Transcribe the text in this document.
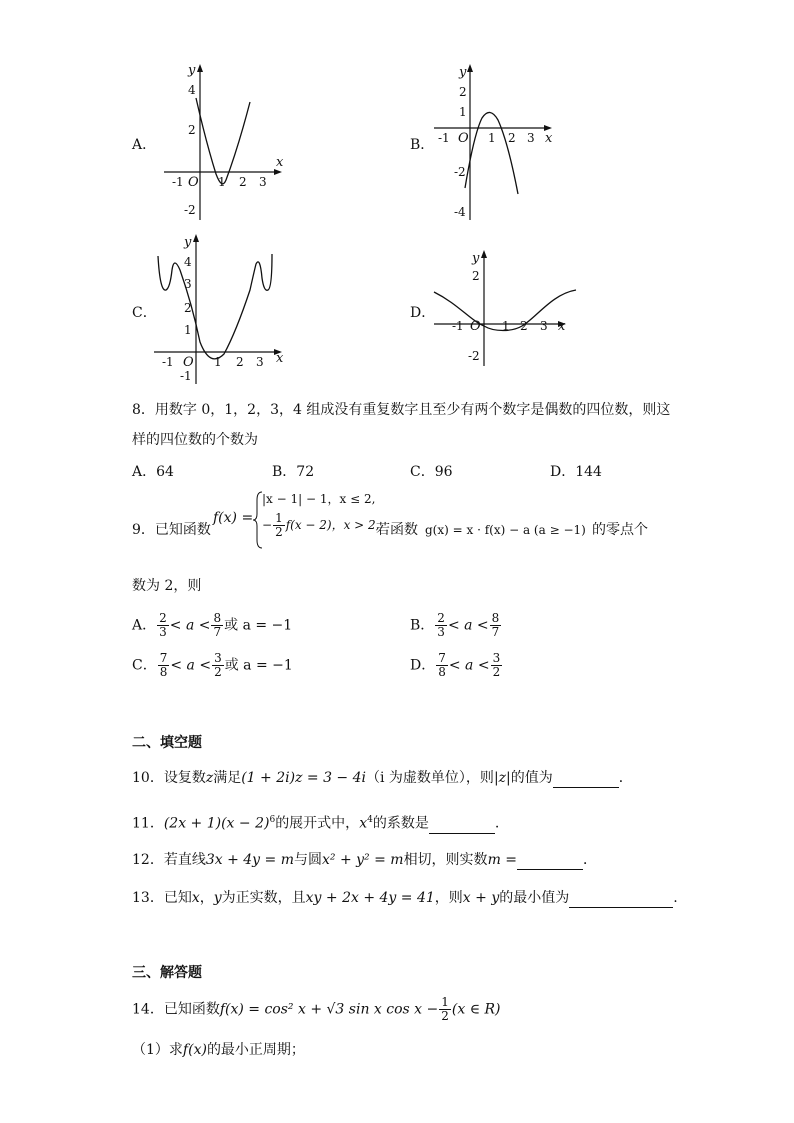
A．
x
y
O
-1	1 2 3
4
2
-2
B．	x
y
O
-1	1 2 3
1
2
-2
-4
C．
x
y
O
-1	1 2 3
4
3
2
1
-1
D．
x
y
O
-1	1 2 3
2
-2
8．用数字 0，1，2，3，4 组成没有重复数字且至少有两个数字是偶数的四位数，则这
样的四位数的个数为
A．64	B．72	C．96	D．144
9．已知函数
f(x) =
|x − 1| − 1，x ≤ 2,
− $\frac{1}{2} f(x - 2)$，x > 2,
若函数 g(x) = x · f(x) − a (a ≥ −1) 的零点个
数为 2，则
A． $\frac{2}{3} < a < \frac{8}{7}$ 或 a = −1	B． $\frac{2}{3} < a < \frac{8}{7}$
C． $\frac{7}{8} < a < \frac{3}{2}$ 或 a = −1	D． $\frac{7}{8} < a < \frac{3}{2}$
二、填空题
10．设复数z满足(1 + 2i)z = 3 − 4i（i 为虚数单位），则|z|的值为	．
11．$(2x + 1)(x - 2)^6$的展开式中，$x^4$的系数是	.
12．若直线3x + 4y = m与圆x² + y² = m相切，则实数m =	．
13．已知x，y为正实数，且xy + 2x + 4y = 41，则x + y的最小值为	.
三、解答题
14．已知函数f(x) = cos² x + √3 sin x $\cos x - \frac{1}{2} (x$ ∈ R)
（1）求f(x)的最小正周期；
